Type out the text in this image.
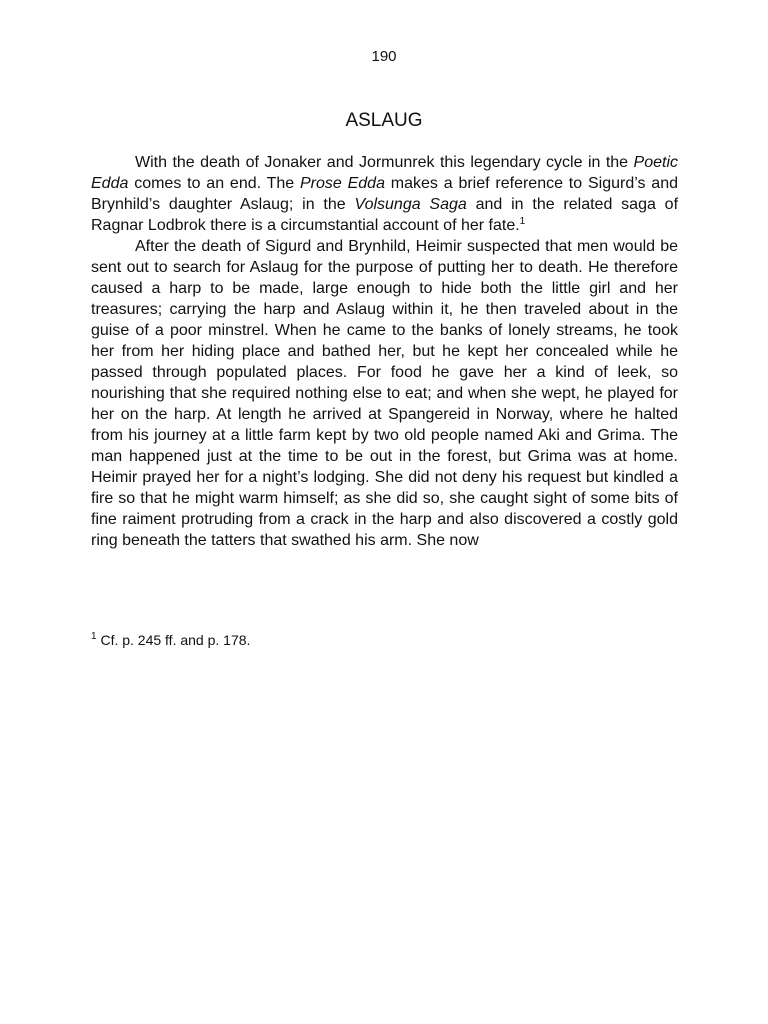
190
ASLAUG

With the death of Jonaker and Jormunrek this legendary cycle in the Poetic Edda comes to an end. The Prose Edda makes a brief reference to Sigurd’s and Brynhild’s daughter Aslaug; in the Volsunga Saga and in the related saga of Ragnar Lodbrok there is a circumstantial account of her fate.$^1$

After the death of Sigurd and Brynhild, Heimir suspected that men would be sent out to search for Aslaug for the purpose of putting her to death. He therefore caused a harp to be made, large enough to hide both the little girl and her treasures; carrying the harp and Aslaug within it, he then traveled about in the guise of a poor minstrel. When he came to the banks of lonely streams, he took her from her hiding place and bathed her, but he kept her concealed while he passed through populated places. For food he gave her a kind of leek, so nourishing that she required nothing else to eat; and when she wept, he played for her on the harp. At length he arrived at Spangereid in Norway, where he halted from his journey at a little farm kept by two old people named Aki and Grima. The man happened just at the time to be out in the forest, but Grima was at home. Heimir prayed her for a night’s lodging. She did not deny his request but kindled a fire so that he might warm himself; as she did so, she caught sight of some bits of fine raiment protruding from a crack in the harp and also discovered a costly gold ring beneath the tatters that swathed his arm. She now

$^1$ Cf. p. 245 ff. and p. 178.
